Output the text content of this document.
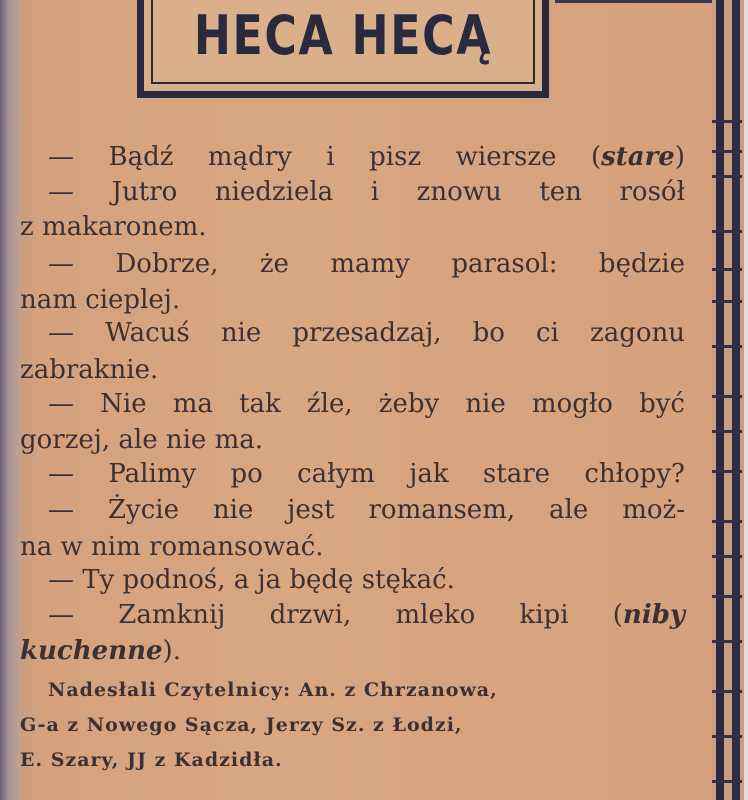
HECA HECĄ
— Bądź mądry i pisz wiersze (stare)
— Jutro niedziela i znowu ten rosół
z makaronem.
— Dobrze, że mamy parasol: będzie
nam cieplej.
— Wacuś nie przesadzaj, bo ci zagonu
zabraknie.
— Nie ma tak źle, żeby nie mogło być
gorzej, ale nie ma.
— Palimy po całym jak stare chłopy?
— Życie nie jest romansem, ale moż-
na w nim romansować.
— Ty podnoś, a ja będę stękać.
— Zamknij drzwi, mleko kipi (niby
kuchenne).
Nadesłali Czytelnicy: An. z Chrzanowa,
G-a z Nowego Sącza, Jerzy Sz. z Łodzi,
E. Szary, JJ z Kadzidła.
